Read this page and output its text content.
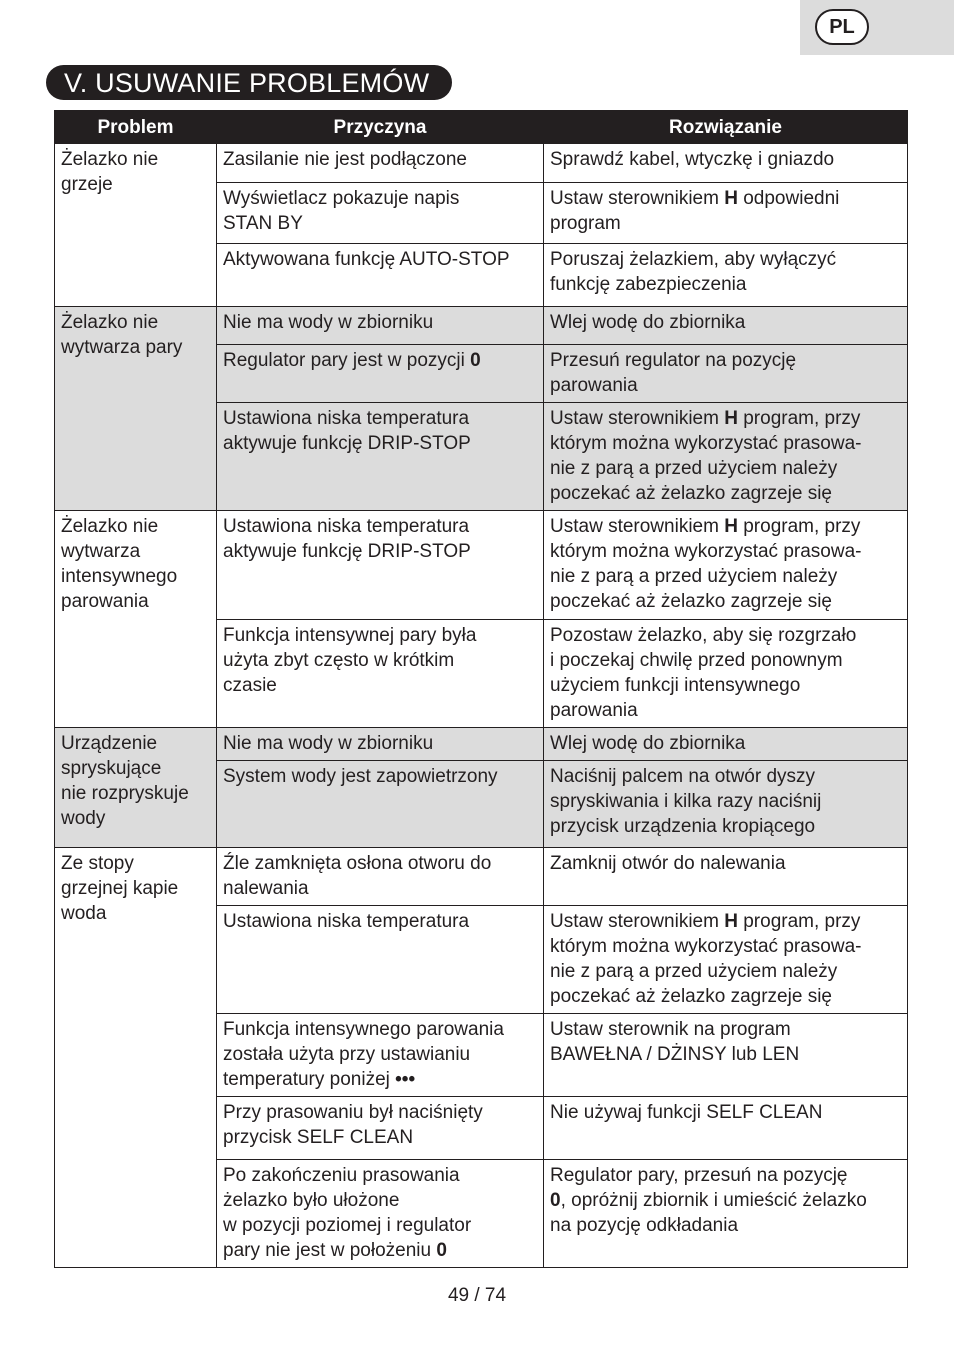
PL
V. USUWANIE PROBLEMÓW
Problem	Przyczyna	Rozwiązanie

Żelazko nie
grzeje	Zasilanie nie jest podłączone	Sprawdź kabel, wtyczkę i gniazdo

	Wyświetlacz pokazuje napis
STAN BY	Ustaw sterownikiem H odpowiedni
program

	Aktywowana funkcję AUTO-STOP	Poruszaj żelazkiem, aby wyłączyć
funkcję zabezpieczenia

Żelazko nie
wytwarza pary	Nie ma wody w zbiorniku	Wlej wodę do zbiornika

	Regulator pary jest w pozycji 0	Przesuń regulator na pozycję
parowania

	Ustawiona niska temperatura
aktywuje funkcję DRIP-STOP	Ustaw sterownikiem H program, przy
którym można wykorzystać prasowa-
nie z parą a przed użyciem należy
poczekać aż żelazko zagrzeje się

Żelazko nie
wytwarza
intensywnego
parowania	Ustawiona niska temperatura
aktywuje funkcję DRIP-STOP	Ustaw sterownikiem H program, przy
którym można wykorzystać prasowa-
nie z parą a przed użyciem należy
poczekać aż żelazko zagrzeje się

	Funkcja intensywnej pary była
użyta zbyt często w krótkim
czasie	Pozostaw żelazko, aby się rozgrzało
i poczekaj chwilę przed ponownym
użyciem funkcji intensywnego
parowania

Urządzenie
spryskujące
nie rozpryskuje
wody	Nie ma wody w zbiorniku	Wlej wodę do zbiornika

	System wody jest zapowietrzony	Naciśnij palcem na otwór dyszy
spryskiwania i kilka razy naciśnij
przycisk urządzenia kropiącego

Ze stopy
grzejnej kapie
woda	Źle zamknięta osłona otworu do
nalewania	Zamknij otwór do nalewania

	Ustawiona niska temperatura	Ustaw sterownikiem H program, przy
którym można wykorzystać prasowa-
nie z parą a przed użyciem należy
poczekać aż żelazko zagrzeje się

	Funkcja intensywnego parowania
została użyta przy ustawianiu
temperatury poniżej •••	Ustaw sterownik na program
BAWEŁNA / DŻINSY lub LEN

	Przy prasowaniu był naciśnięty
przycisk SELF CLEAN	Nie używaj funkcji SELF CLEAN

	Po zakończeniu prasowania
żelazko było ułożone
w pozycji poziomej i regulator
pary nie jest w położeniu 0	Regulator pary, przesuń na pozycję
0, opróżnij zbiornik i umieścić żelazko
na pozycję odkładania
49 / 74
